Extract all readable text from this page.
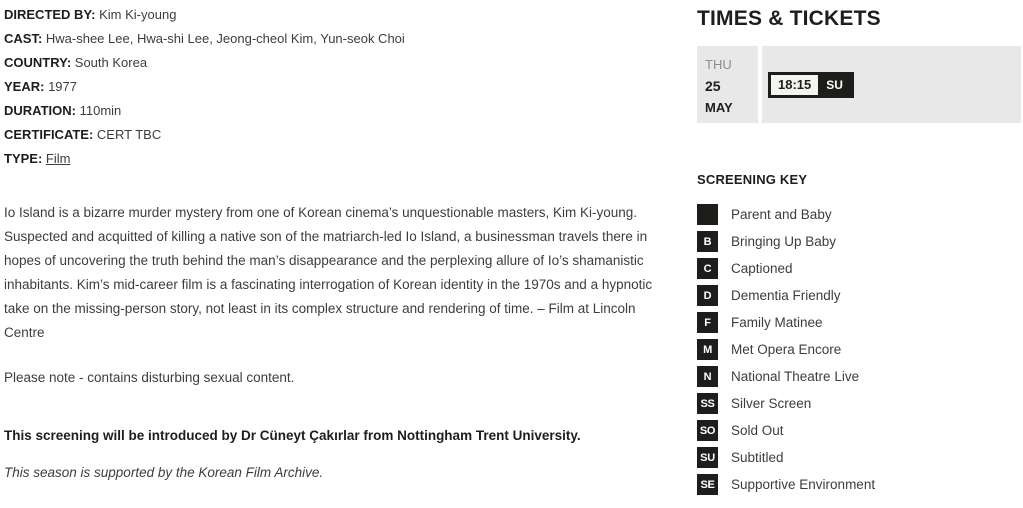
DIRECTED BY: Kim Ki-young
CAST: Hwa-shee Lee, Hwa-shi Lee, Jeong-cheol Kim, Yun-seok Choi
COUNTRY: South Korea
YEAR: 1977
DURATION: 110min
CERTIFICATE: CERT TBC
TYPE: Film

Io Island is a bizarre murder mystery from one of Korean cinema’s unquestionable masters, Kim Ki-young. Suspected and acquitted of killing a native son of the matriarch-led Io Island, a businessman travels there in hopes of uncovering the truth behind the man’s disappearance and the perplexing allure of Io’s shamanistic inhabitants. Kim’s mid-career film is a fascinating interrogation of Korean identity in the 1970s and a hypnotic take on the missing-person story, not least in its complex structure and rendering of time. – Film at Lincoln Centre

Please note - contains disturbing sexual content.

This screening will be introduced by Dr Cüneyt Çakırlar from Nottingham Trent University.

This season is supported by the Korean Film Archive.

TIMES & TICKETS
THU
25
MAY
18:15	SU
SCREENING KEY
Parent and Baby
B	Bringing Up Baby
C	Captioned
D	Dementia Friendly
F	Family Matinee
M	Met Opera Encore
N	National Theatre Live
SS Silver Screen
SO Sold Out
SU Subtitled
SE Supportive Environment
